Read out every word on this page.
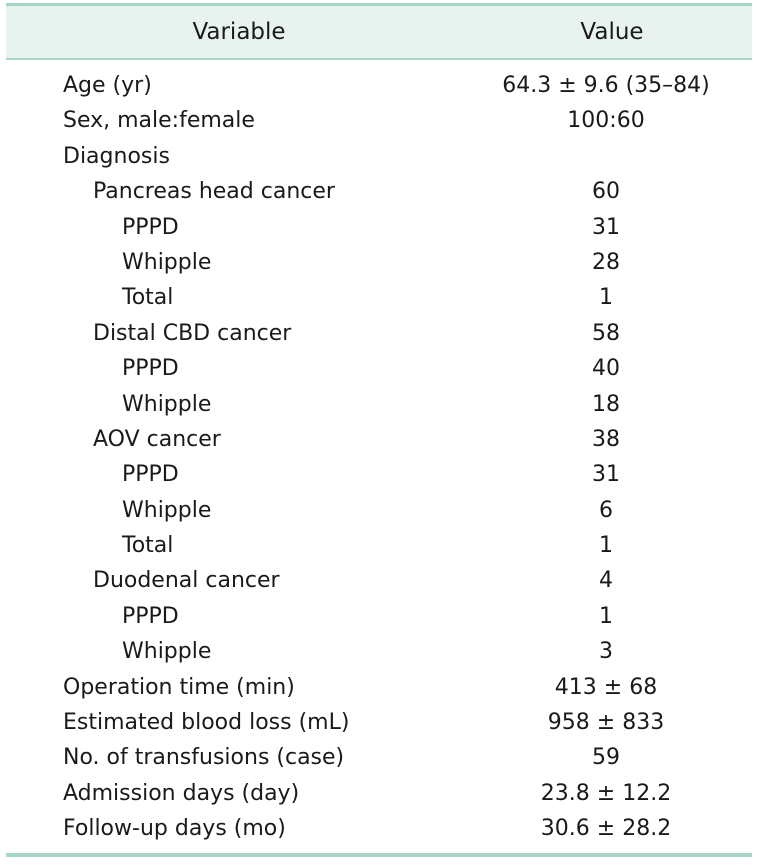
Variable	Value
Age (yr)	64.3 ± 9.6 (35–84)
Sex, male:female	100:60
Diagnosis
Pancreas head cancer	60
PPPD	31
Whipple	28
Total	1
Distal CBD cancer	58
PPPD	40
Whipple	18
AOV cancer	38
PPPD	31
Whipple	6
Total	1
Duodenal cancer	4
PPPD	1
Whipple	3
Operation time (min)	413 ± 68
Estimated blood loss (mL)	958 ± 833
No. of transfusions (case)	59
Admission days (day)	23.8 ± 12.2
Follow-up days (mo)	30.6 ± 28.2
